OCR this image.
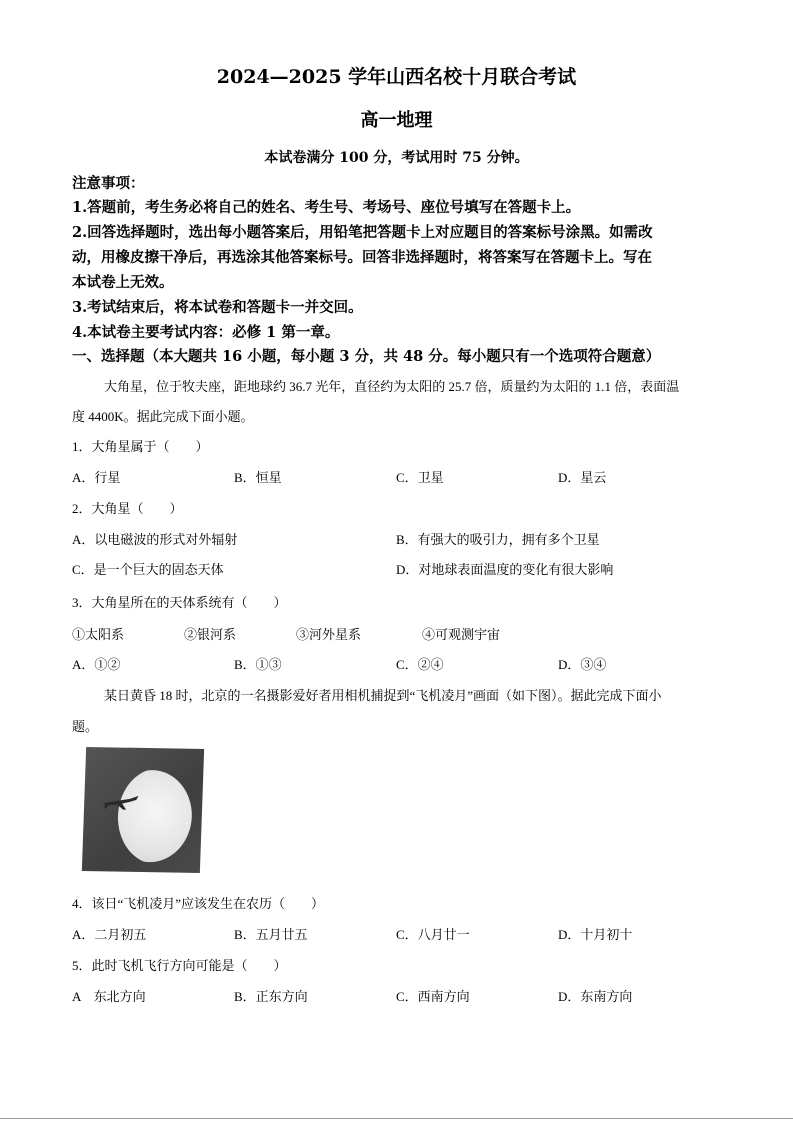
2024—2025 学年山西名校十月联合考试
高一地理
本试卷满分 100 分，考试用时 75 分钟。
注意事项：
1.答题前，考生务必将自己的姓名、考生号、考场号、座位号填写在答题卡上。
2.回答选择题时，选出每小题答案后，用铅笔把答题卡上对应题目的答案标号涂黑。如需改
动，用橡皮擦干净后，再选涂其他答案标号。回答非选择题时，将答案写在答题卡上。写在
本试卷上无效。
3.考试结束后，将本试卷和答题卡一并交回。
4.本试卷主要考试内容：必修 1 第一章。
一、选择题（本大题共 16 小题，每小题 3 分，共 48 分。每小题只有一个选项符合题意）
大角星，位于牧夫座，距地球约 36.7 光年，直径约为太阳的 25.7 倍，质量约为太阳的 1.1 倍，表面温
度 4400K。据此完成下面小题。
1．大角星属于（　　）
A．行星	B．恒星	C．卫星	D．星云
2．大角星（　　）
A．以电磁波的形式对外辐射	B．有强大的吸引力，拥有多个卫星
C．是一个巨大的固态天体	D．对地球表面温度的变化有很大影响
3．大角星所在的天体系统有（　　）
①太阳系	②银河系	③河外星系	④可观测宇宙
A．①②	B．①③	C．②④	D．③④
某日黄昏 18 时，北京的一名摄影爱好者用相机捕捉到“飞机凌月”画面（如下图）。据此完成下面小
题。
4．该日“飞机凌月”应该发生在农历（　　）
A．二月初五	B．五月廿五	C．八月廿一	D．十月初十
5．此时飞机飞行方向可能是（　　）
A　东北方向	B．正东方向	C．西南方向	D．东南方向
